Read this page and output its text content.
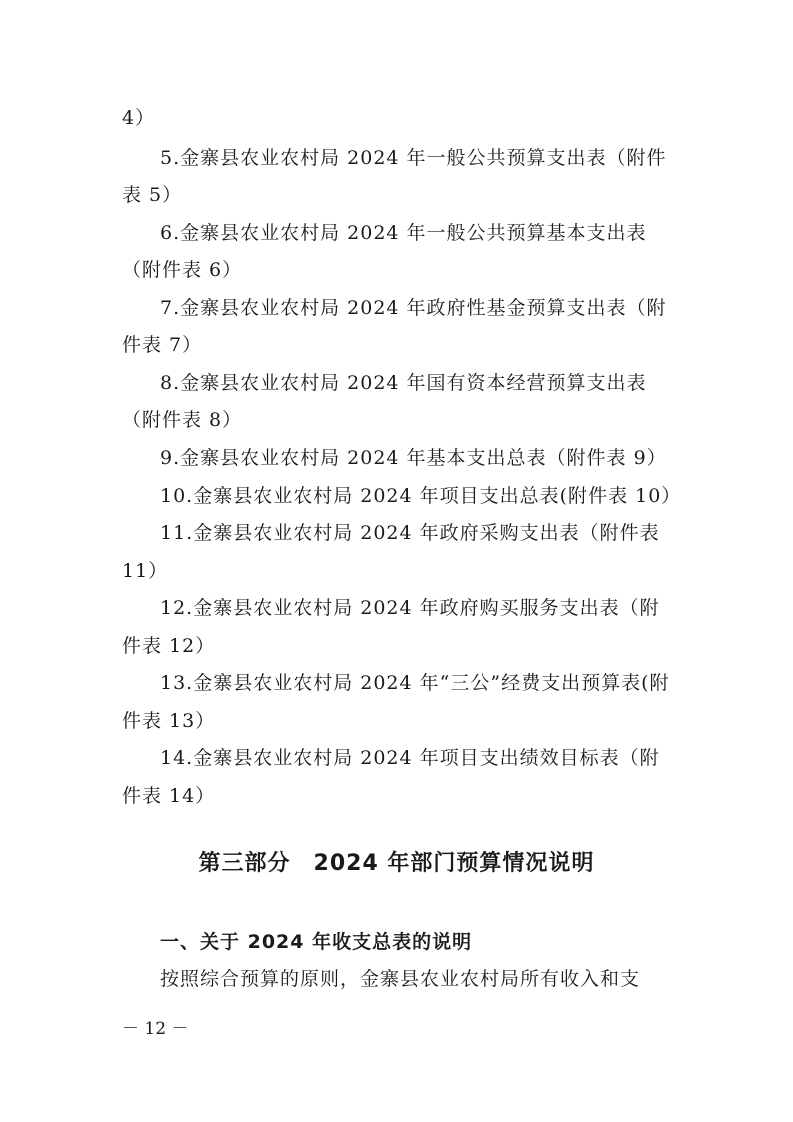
4）
5.金寨县农业农村局 2024 年一般公共预算支出表（附件
表 5）
6.金寨县农业农村局 2024 年一般公共预算基本支出表
（附件表 6）
7.金寨县农业农村局 2024 年政府性基金预算支出表（附
件表 7）
8.金寨县农业农村局 2024 年国有资本经营预算支出表
（附件表 8）
9.金寨县农业农村局 2024 年基本支出总表（附件表 9）
10.金寨县农业农村局 2024 年项目支出总表(附件表 10）
11.金寨县农业农村局 2024 年政府采购支出表（附件表
11）
12.金寨县农业农村局 2024 年政府购买服务支出表（附
件表 12）
13.金寨县农业农村局 2024 年“三公”经费支出预算表(附
件表 13）
14.金寨县农业农村局 2024 年项目支出绩效目标表（附
件表 14）
第三部分　2024 年部门预算情况说明
一、关于 2024 年收支总表的说明
按照综合预算的原则，金寨县农业农村局所有收入和支
－ 12 －
